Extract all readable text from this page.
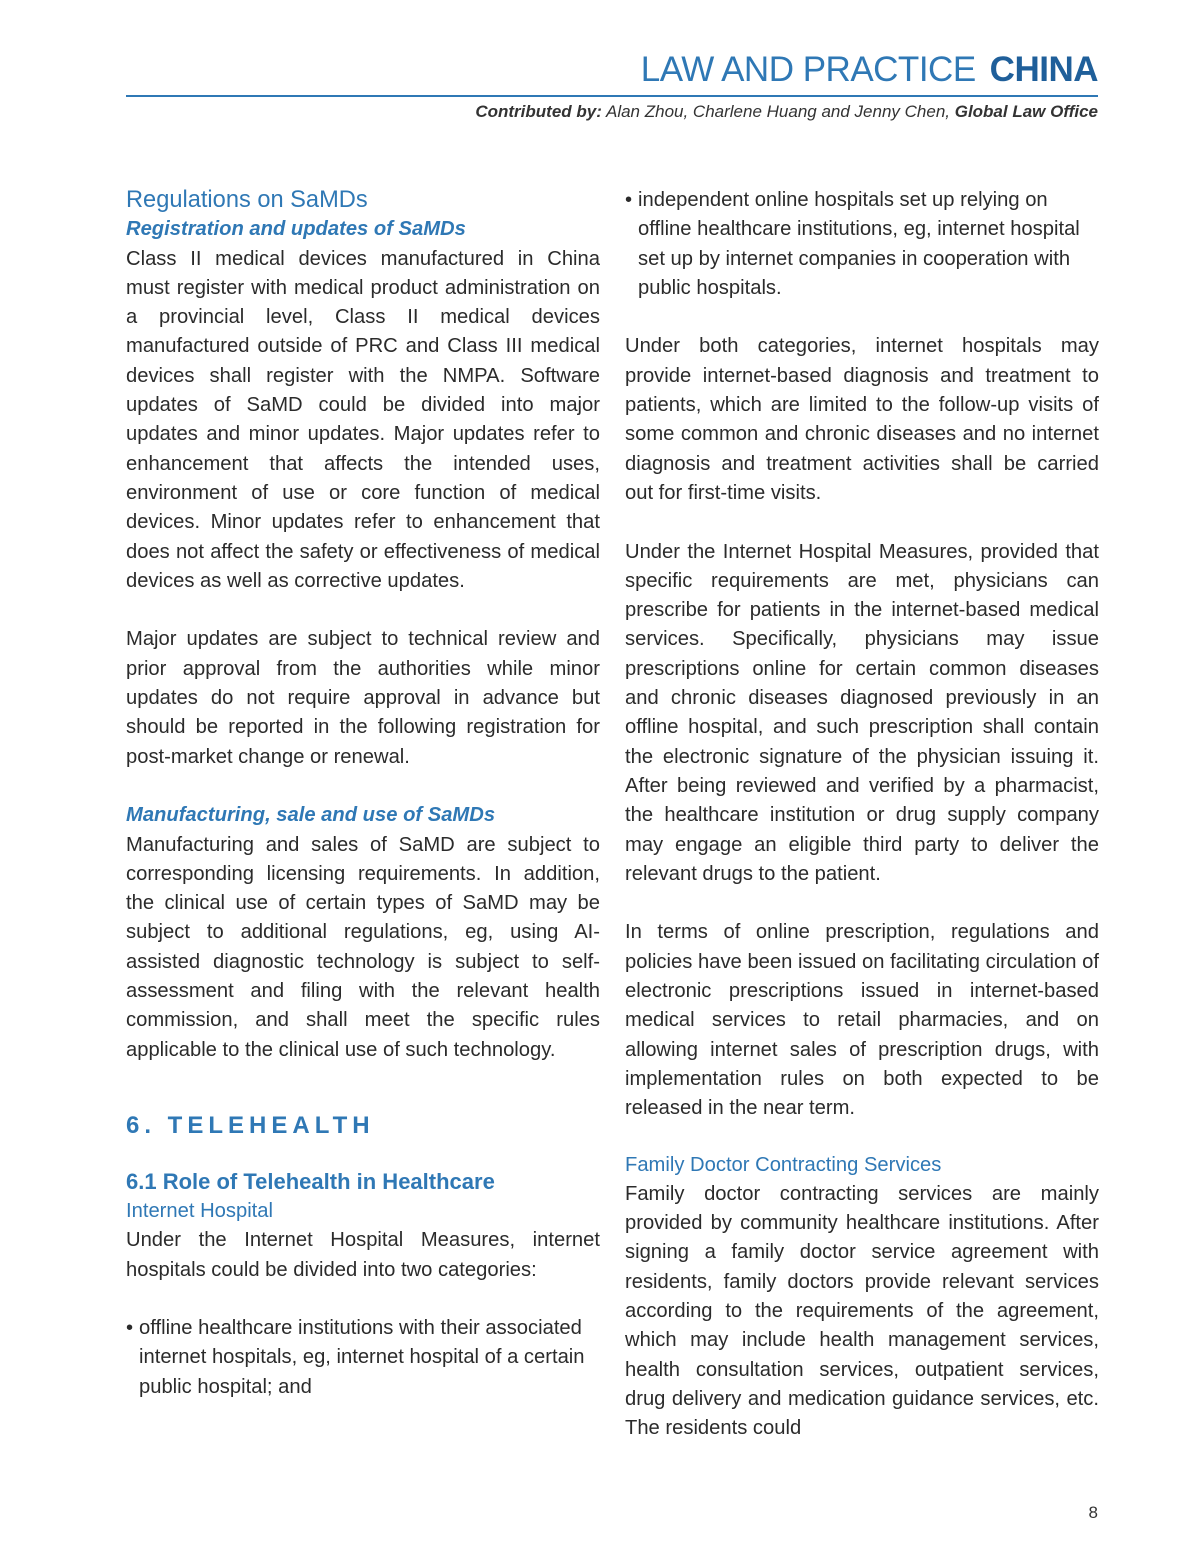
LAW AND PRACTICE CHINA
Contributed by: Alan Zhou, Charlene Huang and Jenny Chen, Global Law Office
Regulations on SaMDs
Registration and updates of SaMDs

Class II medical devices manufactured in China must register with medical product administration on a provincial level, Class II medical devices manufactured outside of PRC and Class III medical devices shall register with the NMPA. Software updates of SaMD could be divided into major updates and minor updates. Major updates refer to enhancement that affects the intended uses, environment of use or core function of medical devices. Minor updates refer to enhancement that does not affect the safety or effectiveness of medical devices as well as corrective updates.

Major updates are subject to technical review and prior approval from the authorities while minor updates do not require approval in advance but should be reported in the following registration for post-market change or renewal.

Manufacturing, sale and use of SaMDs

Manufacturing and sales of SaMD are subject to corresponding licensing requirements. In addition, the clinical use of certain types of SaMD may be subject to additional regulations, eg, using AI-assisted diagnostic technology is subject to self-assessment and filing with the relevant health commission, and shall meet the specific rules applicable to the clinical use of such technology.

6. TELEHEALTH
6.1 Role of Telehealth in Healthcare
Internet Hospital

Under the Internet Hospital Measures, internet hospitals could be divided into two categories:

• offline healthcare institutions with their associated internet hospitals, eg, internet hospital of a certain public hospital; and
• independent online hospitals set up relying on offline healthcare institutions, eg, internet hospital set up by internet companies in cooperation with public hospitals.

Under both categories, internet hospitals may provide internet-based diagnosis and treatment to patients, which are limited to the follow-up visits of some common and chronic diseases and no internet diagnosis and treatment activities shall be carried out for first-time visits.

Under the Internet Hospital Measures, provided that specific requirements are met, physicians can prescribe for patients in the internet-based medical services. Specifically, physicians may issue prescriptions online for certain common diseases and chronic diseases diagnosed previously in an offline hospital, and such prescription shall contain the electronic signature of the physician issuing it. After being reviewed and verified by a pharmacist, the healthcare institution or drug supply company may engage an eligible third party to deliver the relevant drugs to the patient.

In terms of online prescription, regulations and policies have been issued on facilitating circulation of electronic prescriptions issued in internet-based medical services to retail pharmacies, and on allowing internet sales of prescription drugs, with implementation rules on both expected to be released in the near term.

Family Doctor Contracting Services

Family doctor contracting services are mainly provided by community healthcare institutions. After signing a family doctor service agreement with residents, family doctors provide relevant services according to the requirements of the agreement, which may include health management services, health consultation services, outpatient services, drug delivery and medication guidance services, etc. The residents could

8
